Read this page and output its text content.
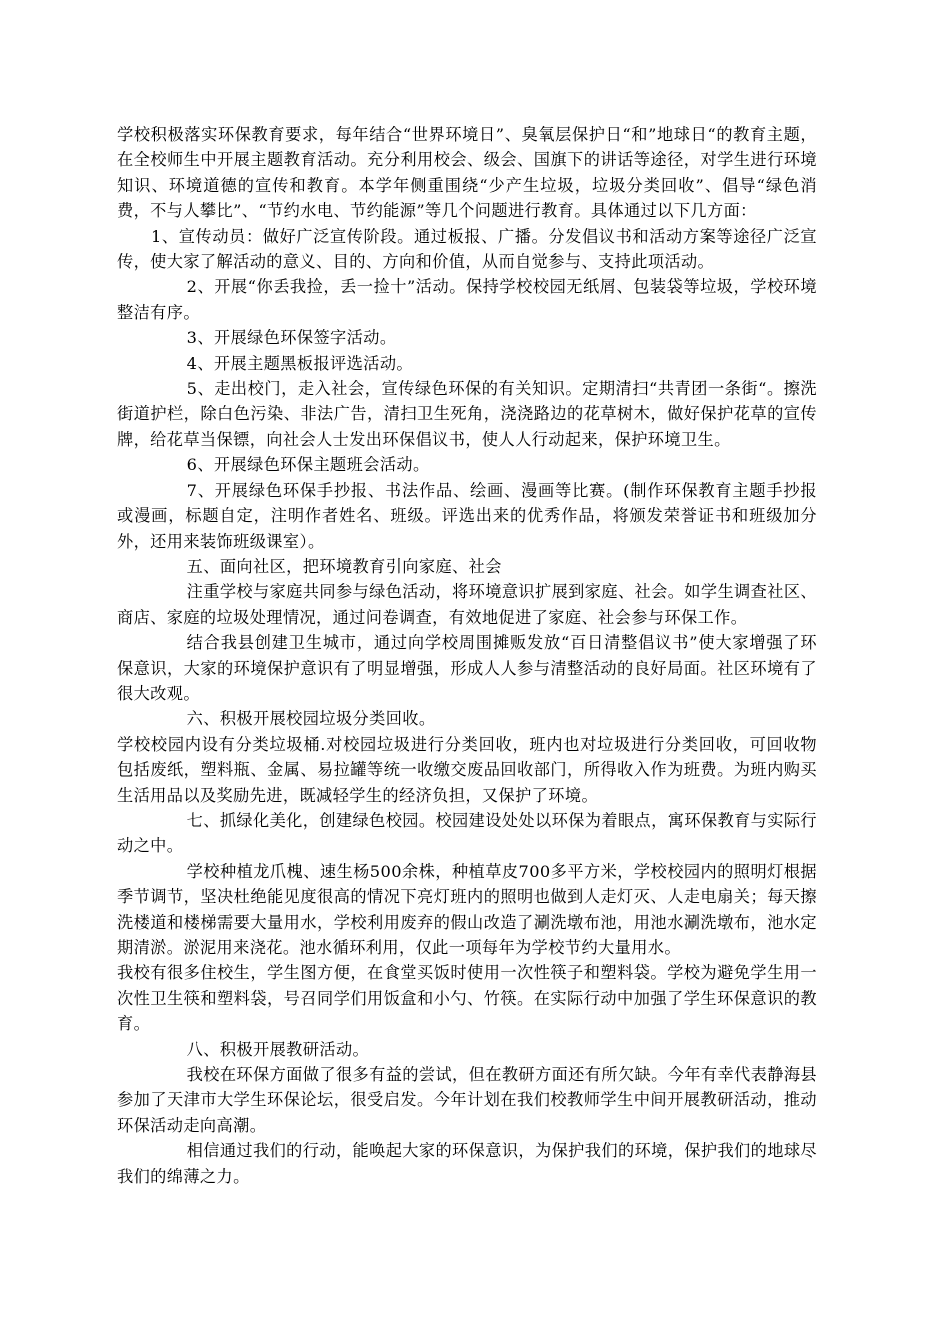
学校积极落实环保教育要求，每年结合“世界环境日”、臭氧层保护日“和”地球日“的教育主题，在全校师生中开展主题教育活动。充分利用校会、级会、国旗下的讲话等途径，对学生进行环境知识、环境道德的宣传和教育。本学年侧重围绕“少产生垃圾，垃圾分类回收”、倡导“绿色消费，不与人攀比”、“节约水电、节约能源”等几个问题进行教育。具体通过以下几方面：

1、宣传动员：做好广泛宣传阶段。通过板报、广播。分发倡议书和活动方案等途径广泛宣传，使大家了解活动的意义、目的、方向和价值，从而自觉参与、支持此项活动。

2、开展“你丢我捡，丢一捡十”活动。保持学校校园无纸屑、包装袋等垃圾，学校环境整洁有序。

3、开展绿色环保签字活动。

4、开展主题黑板报评选活动。

5、走出校门，走入社会，宣传绿色环保的有关知识。定期清扫“共青团一条街“。擦洗街道护栏，除白色污染、非法广告，清扫卫生死角，浇浇路边的花草树木，做好保护花草的宣传牌，给花草当保镖，向社会人士发出环保倡议书，使人人行动起来，保护环境卫生。

6、开展绿色环保主题班会活动。

7、开展绿色环保手抄报、书法作品、绘画、漫画等比赛。(制作环保教育主题手抄报或漫画，标题自定，注明作者姓名、班级。评选出来的优秀作品，将颁发荣誉证书和班级加分外，还用来装饰班级课室）。

五、面向社区，把环境教育引向家庭、社会

注重学校与家庭共同参与绿色活动，将环境意识扩展到家庭、社会。如学生调查社区、商店、家庭的垃圾处理情况，通过问卷调查，有效地促进了家庭、社会参与环保工作。

结合我县创建卫生城市，通过向学校周围摊贩发放“百日清整倡议书”使大家增强了环保意识，大家的环境保护意识有了明显增强，形成人人参与清整活动的良好局面。社区环境有了很大改观。

六、积极开展校园垃圾分类回收。

学校校园内设有分类垃圾桶.对校园垃圾进行分类回收，班内也对垃圾进行分类回收，可回收物包括废纸，塑料瓶、金属、易拉罐等统一收缴交废品回收部门，所得收入作为班费。为班内购买生活用品以及奖励先进，既减轻学生的经济负担，又保护了环境。

七、抓绿化美化，创建绿色校园。校园建设处处以环保为着眼点，寓环保教育与实际行动之中。

学校种植龙爪槐、速生杨500余株，种植草皮700多平方米，学校校园内的照明灯根据季节调节，坚决杜绝能见度很高的情况下亮灯班内的照明也做到人走灯灭、人走电扇关；每天擦洗楼道和楼梯需要大量用水，学校利用废弃的假山改造了涮洗墩布池，用池水涮洗墩布，池水定期清淤。淤泥用来浇花。池水循环利用，仅此一项每年为学校节约大量用水。

我校有很多住校生，学生图方便，在食堂买饭时使用一次性筷子和塑料袋。学校为避免学生用一次性卫生筷和塑料袋，号召同学们用饭盒和小勺、竹筷。在实际行动中加强了学生环保意识的教育。

八、积极开展教研活动。

我校在环保方面做了很多有益的尝试，但在教研方面还有所欠缺。今年有幸代表静海县参加了天津市大学生环保论坛，很受启发。今年计划在我们校教师学生中间开展教研活动，推动环保活动走向高潮。

相信通过我们的行动，能唤起大家的环保意识，为保护我们的环境，保护我们的地球尽我们的绵薄之力。
